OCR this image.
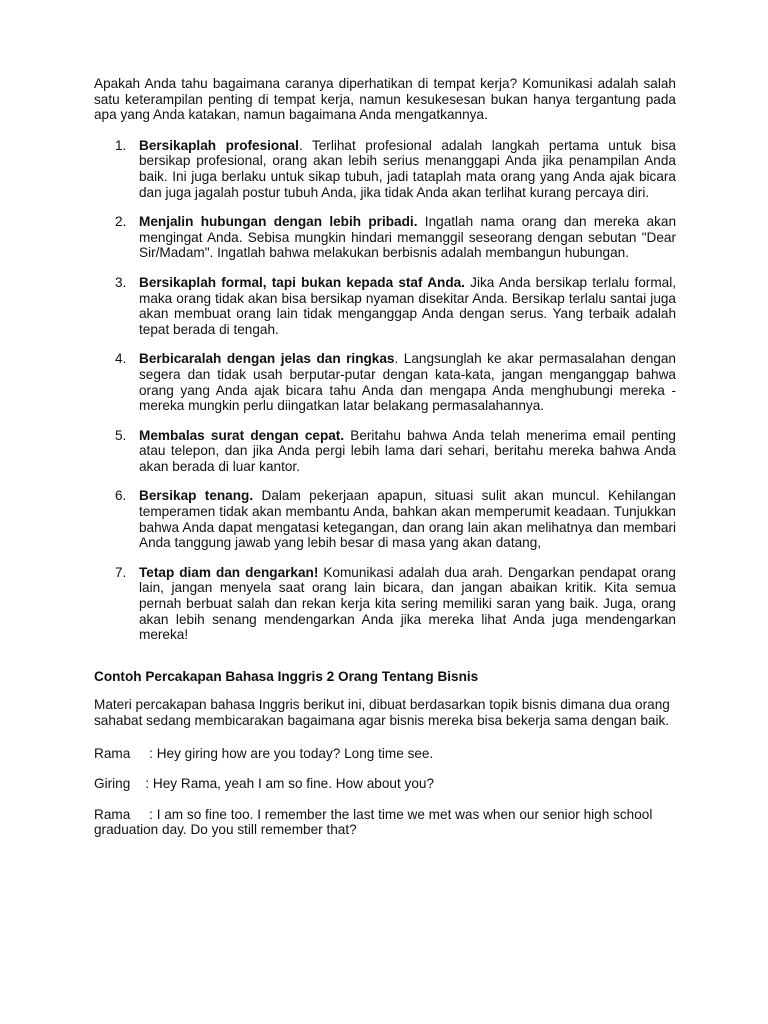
Apakah Anda tahu bagaimana caranya diperhatikan di tempat kerja? Komunikasi adalah salah satu keterampilan penting di tempat kerja, namun kesukesesan bukan hanya tergantung pada apa yang Anda katakan, namun bagaimana Anda mengatkannya.

1. Bersikaplah profesional. Terlihat profesional adalah langkah pertama untuk bisa bersikap profesional, orang akan lebih serius menanggapi Anda jika penampilan Anda baik. Ini juga berlaku untuk sikap tubuh, jadi tataplah mata orang yang Anda ajak bicara dan juga jagalah postur tubuh Anda, jika tidak Anda akan terlihat kurang percaya diri.
2. Menjalin hubungan dengan lebih pribadi. Ingatlah nama orang dan mereka akan mengingat Anda. Sebisa mungkin hindari memanggil seseorang dengan sebutan "Dear Sir/Madam". Ingatlah bahwa melakukan berbisnis adalah membangun hubungan.
3. Bersikaplah formal, tapi bukan kepada staf Anda. Jika Anda bersikap terlalu formal, maka orang tidak akan bisa bersikap nyaman disekitar Anda. Bersikap terlalu santai juga akan membuat orang lain tidak menganggap Anda dengan serus. Yang terbaik adalah tepat berada di tengah.
4. Berbicaralah dengan jelas dan ringkas. Langsunglah ke akar permasalahan dengan segera dan tidak usah berputar-putar dengan kata-kata, jangan menganggap bahwa orang yang Anda ajak bicara tahu Anda dan mengapa Anda menghubungi mereka - mereka mungkin perlu diingatkan latar belakang permasalahannya.
5. Membalas surat dengan cepat. Beritahu bahwa Anda telah menerima email penting atau telepon, dan jika Anda pergi lebih lama dari sehari, beritahu mereka bahwa Anda akan berada di luar kantor.
6. Bersikap tenang. Dalam pekerjaan apapun, situasi sulit akan muncul. Kehilangan temperamen tidak akan membantu Anda, bahkan akan memperumit keadaan. Tunjukkan bahwa Anda dapat mengatasi ketegangan, dan orang lain akan melihatnya dan membari Anda tanggung jawab yang lebih besar di masa yang akan datang,
7. Tetap diam dan dengarkan! Komunikasi adalah dua arah. Dengarkan pendapat orang lain, jangan menyela saat orang lain bicara, dan jangan abaikan kritik. Kita semua pernah berbuat salah dan rekan kerja kita sering memiliki saran yang baik. Juga, orang akan lebih senang mendengarkan Anda jika mereka lihat Anda juga mendengarkan mereka!
Contoh Percakapan Bahasa Inggris 2 Orang Tentang Bisnis

Materi percakapan bahasa Inggris berikut ini, dibuat berdasarkan topik bisnis dimana dua orang sahabat sedang membicarakan bagaimana agar bisnis mereka bisa bekerja sama dengan baik.

Rama     : Hey giring how are you today? Long time see.

Giring    : Hey Rama, yeah I am so fine. How about you?

Rama     : I am so fine too. I remember the last time we met was when our senior high school graduation day. Do you still remember that?
